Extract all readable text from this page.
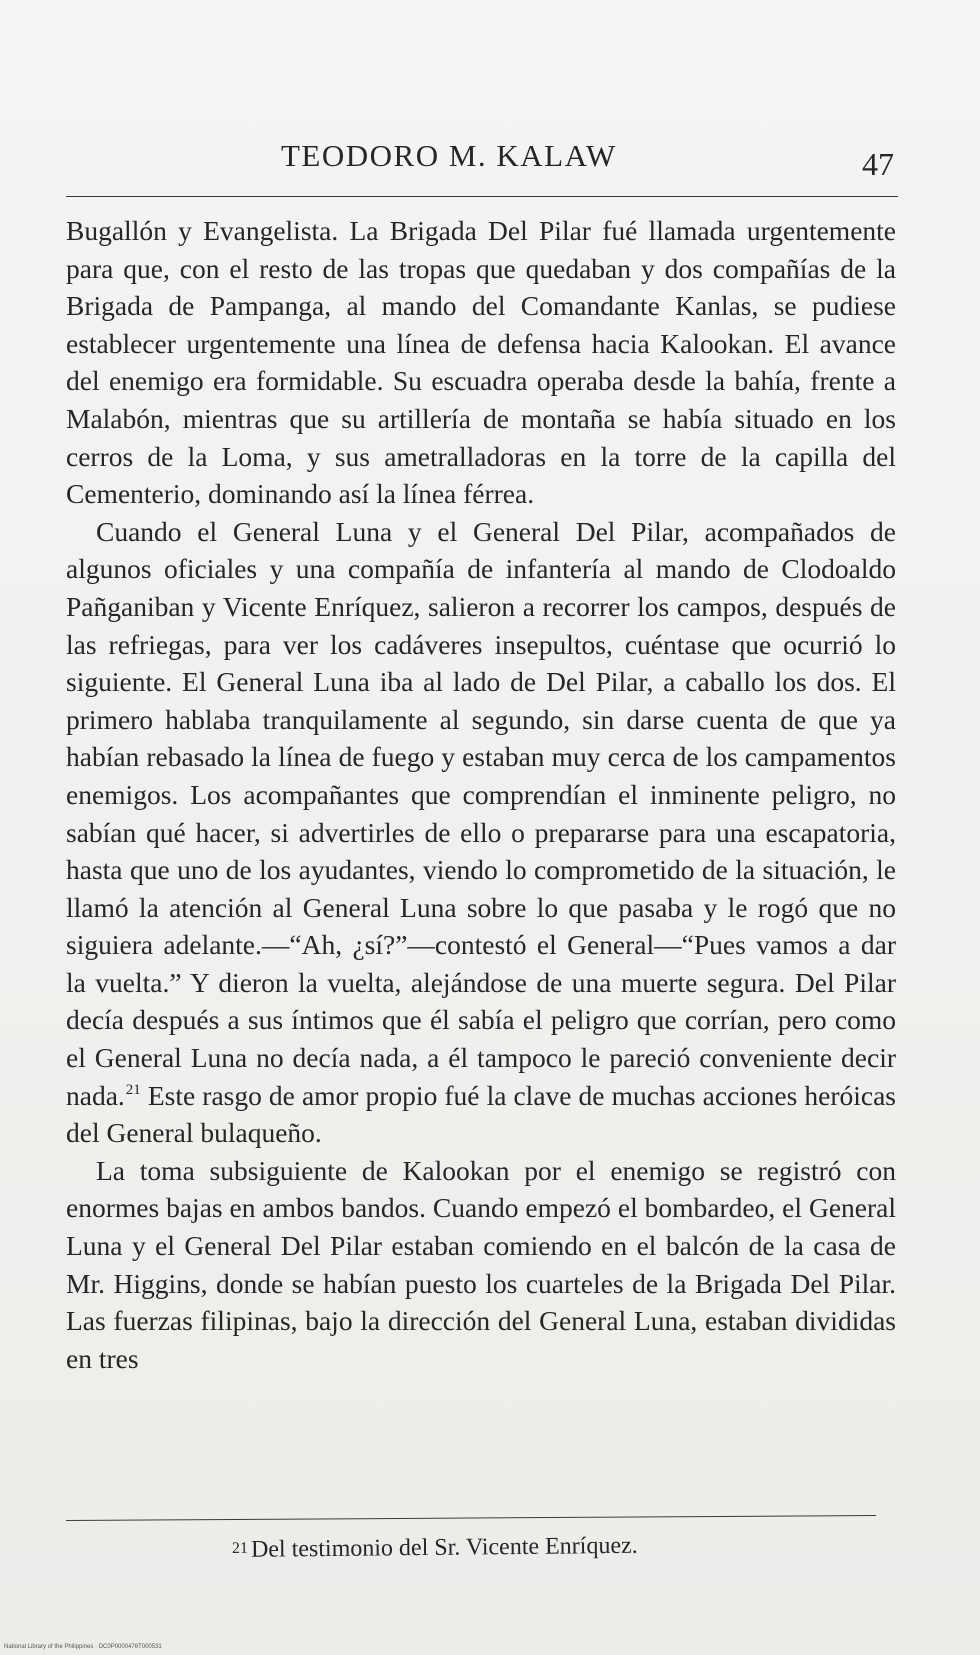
TEODORO M. KALAW	47

Bugallón y Evangelista. La Brigada Del Pilar fué llamada urgentemente para que, con el resto de las tropas que quedaban y dos compañías de la Brigada de Pampanga, al mando del Comandante Kanlas, se pudiese establecer urgentemente una línea de defensa hacia Kalookan. El avance del enemigo era formidable. Su escuadra operaba desde la bahía, frente a Malabón, mientras que su artillería de montaña se había situado en los cerros de la Loma, y sus ametralladoras en la torre de la capilla del Cementerio, dominando así la línea férrea.

Cuando el General Luna y el General Del Pilar, acompañados de algunos oficiales y una compañía de infantería al mando de Clodoaldo Pañganiban y Vicente Enríquez, salieron a recorrer los campos, después de las refriegas, para ver los cadáveres insepultos, cuéntase que ocurrió lo siguiente. El General Luna iba al lado de Del Pilar, a caballo los dos. El primero hablaba tranquilamente al segundo, sin darse cuenta de que ya habían rebasado la línea de fuego y estaban muy cerca de los campamentos enemigos. Los acompañantes que comprendían el inminente peligro, no sabían qué hacer, si advertirles de ello o prepararse para una escapatoria, hasta que uno de los ayudantes, viendo lo comprometido de la situación, le llamó la atención al General Luna sobre lo que pasaba y le rogó que no siguiera adelante.—“Ah, ¿sí?”—contestó el General—“Pues vamos a dar la vuelta.” Y dieron la vuelta, alejándose de una muerte segura. Del Pilar decía después a sus íntimos que él sabía el peligro que corrían, pero como el General Luna no decía nada, a él tampoco le pareció conveniente decir nada.$^{21}$ Este rasgo de amor propio fué la clave de muchas acciones heróicas del General bulaqueño.

La toma subsiguiente de Kalookan por el enemigo se registró con enormes bajas en ambos bandos. Cuando empezó el bombardeo, el General Luna y el General Del Pilar estaban comiendo en el balcón de la casa de Mr. Higgins, donde se habían puesto los cuarteles de la Brigada Del Pilar. Las fuerzas filipinas, bajo la dirección del General Luna, estaban divididas en tres

21 Del testimonio del Sr. Vicente Enríquez.
National Library of the Philippines · DC0P0000476T000531
